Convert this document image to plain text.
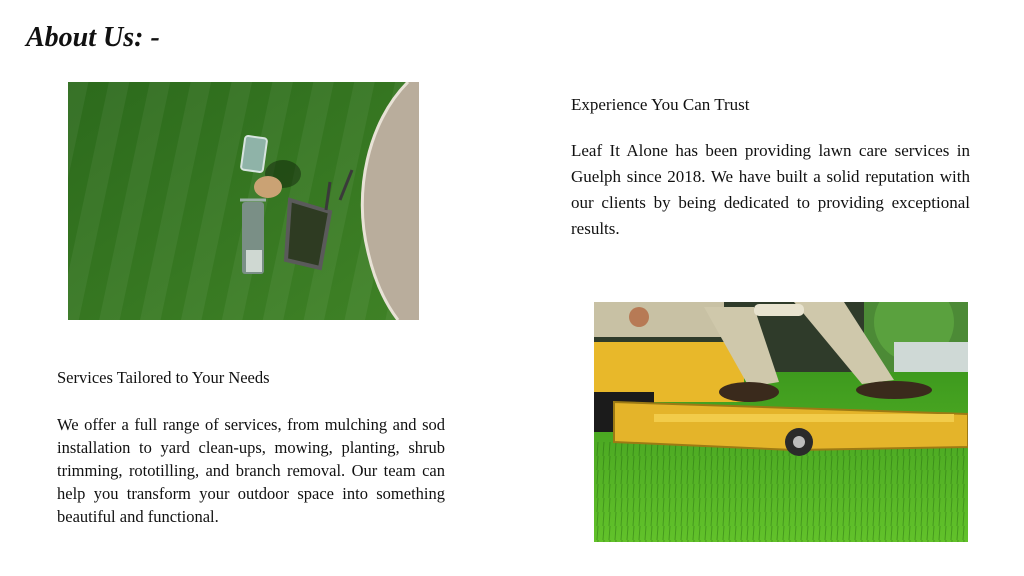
About Us: -

Experience You Can Trust

Leaf It Alone has been providing lawn care services in Guelph since 2018. We have built a solid reputation with our clients by being dedicated to providing exceptional results.

Services Tailored to Your Needs

We offer a full range of services, from mulching and sod installation to yard clean-ups, mowing, planting, shrub trimming, rototilling, and branch removal. Our team can help you transform your outdoor space into something beautiful and functional.
